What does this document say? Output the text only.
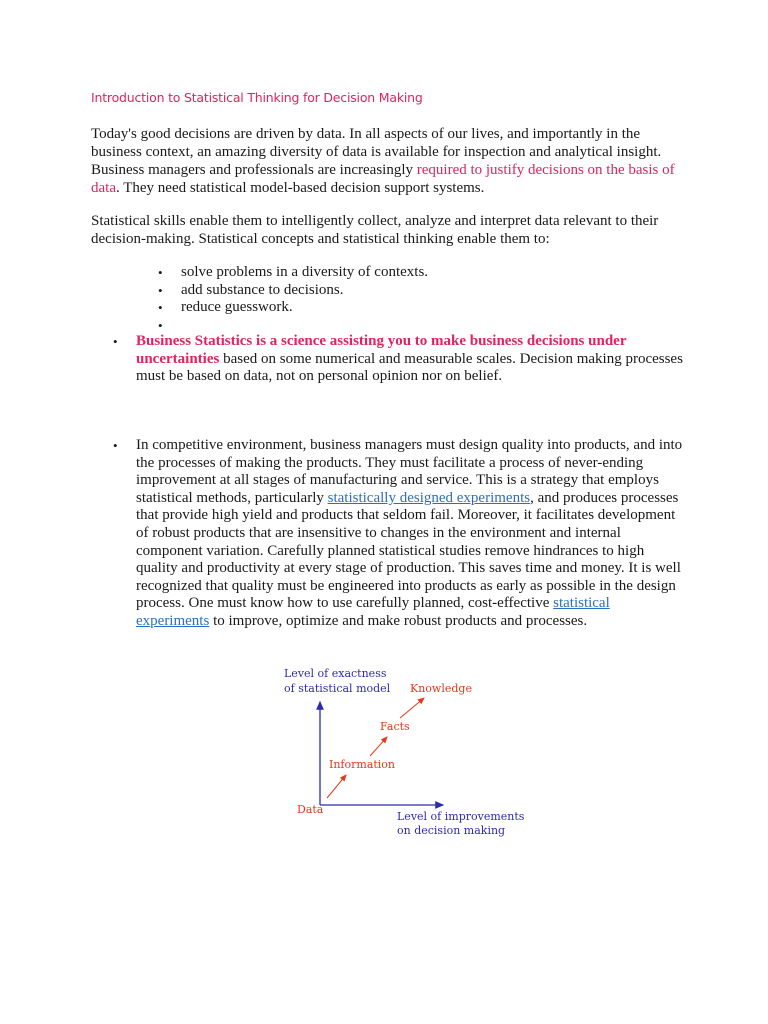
Introduction to Statistical Thinking for Decision Making
Today's good decisions are driven by data. In all aspects of our lives, and importantly in the business context, an amazing diversity of data is available for inspection and analytical insight. Business managers and professionals are increasingly required to justify decisions on the basis of data. They need statistical model-based decision support systems.
Statistical skills enable them to intelligently collect, analyze and interpret data relevant to their decision-making. Statistical concepts and statistical thinking enable them to:
• solve problems in a diversity of contexts.
• add substance to decisions.
• reduce guesswork.
•
• Business Statistics is a science assisting you to make business decisions under uncertainties based on some numerical and measurable scales. Decision making processes must be based on data, not on personal opinion nor on belief.
• In competitive environment, business managers must design quality into products, and into the processes of making the products. They must facilitate a process of never-ending improvement at all stages of manufacturing and service. This is a strategy that employs statistical methods, particularly statistically designed experiments, and produces processes that provide high yield and products that seldom fail. Moreover, it facilitates development of robust products that are insensitive to changes in the environment and internal component variation. Carefully planned statistical studies remove hindrances to high quality and productivity at every stage of production. This saves time and money. It is well recognized that quality must be engineered into products as early as possible in the design process. One must know how to use carefully planned, cost-effective statistical experiments to improve, optimize and make robust products and processes.
Level of exactness
of statistical model
Level of improvements
on decision making
Data
Information
Facts
Knowledge
